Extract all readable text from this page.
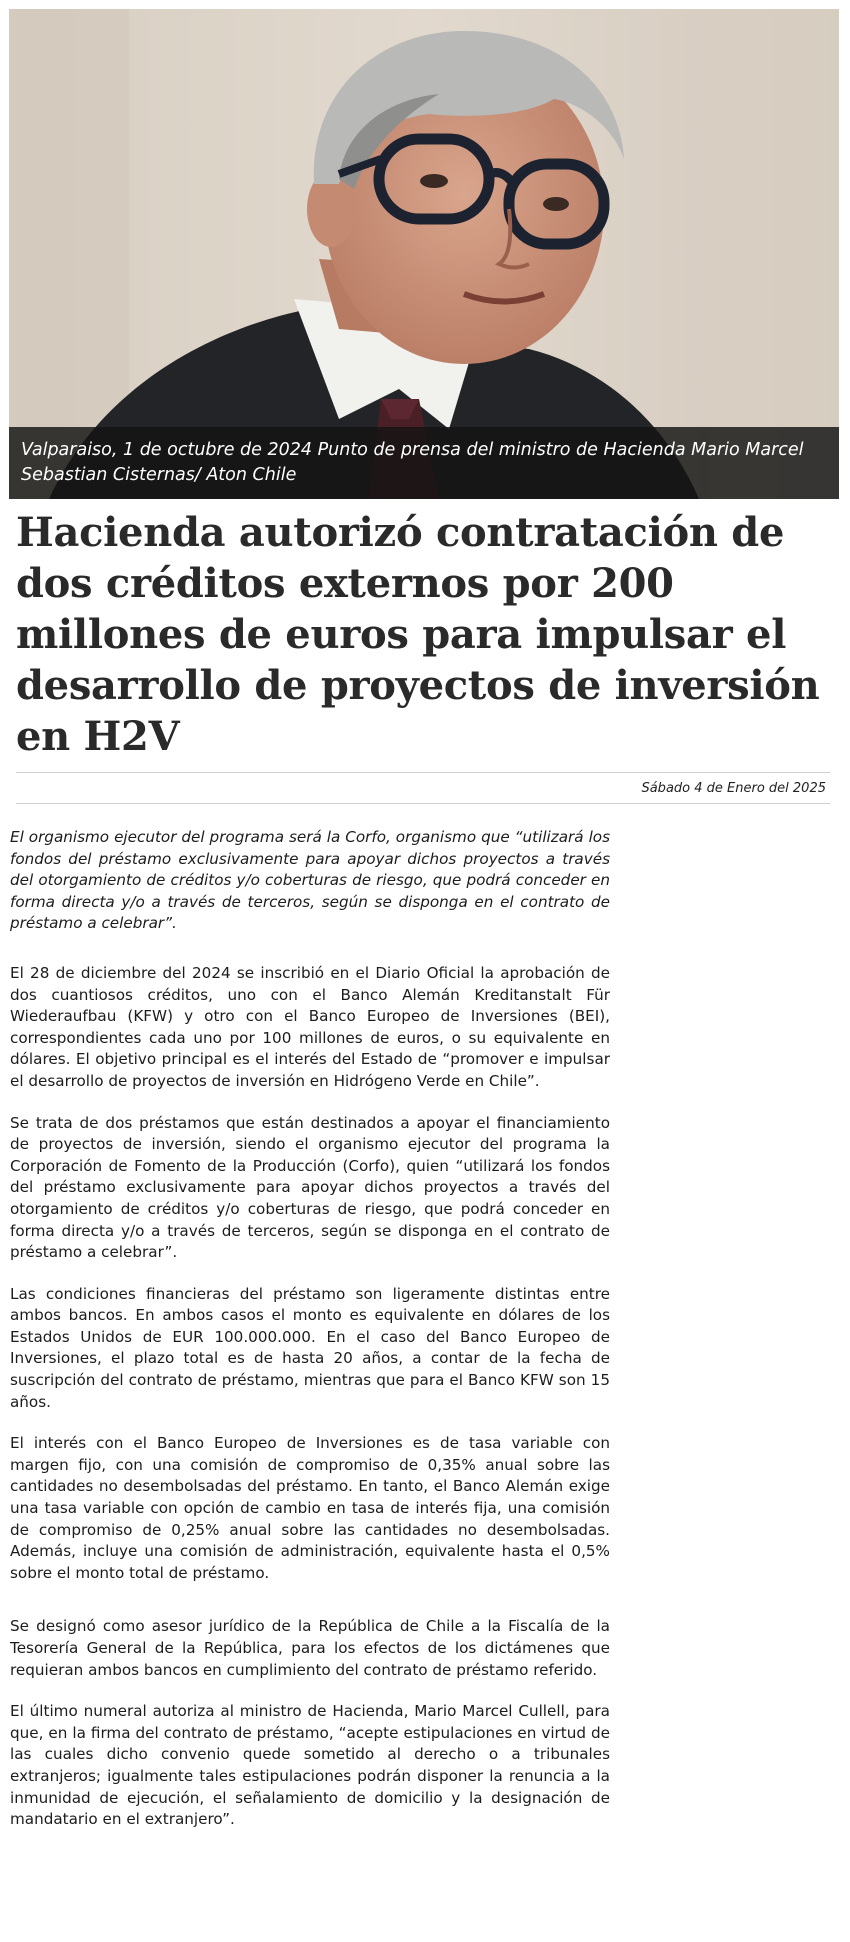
Valparaiso, 1 de octubre de 2024 Punto de prensa del ministro de Hacienda Mario Marcel Sebastian Cisternas/ Aton Chile
Hacienda autorizó contratación de dos créditos externos por 200 millones de euros para impulsar el desarrollo de proyectos de inversión en H2V
Sábado 4 de Enero del 2025

El organismo ejecutor del programa será la Corfo, organismo que “utilizará los fondos del préstamo exclusivamente para apoyar dichos proyectos a través del otorgamiento de créditos y/o coberturas de riesgo, que podrá conceder en forma directa y/o a través de terceros, según se disponga en el contrato de préstamo a celebrar”.

El 28 de diciembre del 2024 se inscribió en el Diario Oficial la aprobación de dos cuantiosos créditos, uno con el Banco Alemán Kreditanstalt Für Wiederaufbau (KFW) y otro con el Banco Europeo de Inversiones (BEI), correspondientes cada uno por 100 millones de euros, o su equivalente en dólares. El objetivo principal es el interés del Estado de “promover e impulsar el desarrollo de proyectos de inversión en Hidrógeno Verde en Chile”.

Se trata de dos préstamos que están destinados a apoyar el financiamiento de proyectos de inversión, siendo el organismo ejecutor del programa la Corporación de Fomento de la Producción (Corfo), quien “utilizará los fondos del préstamo exclusivamente para apoyar dichos proyectos a través del otorgamiento de créditos y/o coberturas de riesgo, que podrá conceder en forma directa y/o a través de terceros, según se disponga en el contrato de préstamo a celebrar”.

Las condiciones financieras del préstamo son ligeramente distintas entre ambos bancos. En ambos casos el monto es equivalente en dólares de los Estados Unidos de EUR 100.000.000. En el caso del Banco Europeo de Inversiones, el plazo total es de hasta 20 años, a contar de la fecha de suscripción del contrato de préstamo, mientras que para el Banco KFW son 15 años.

El interés con el Banco Europeo de Inversiones es de tasa variable con margen fijo, con una comisión de compromiso de 0,35% anual sobre las cantidades no desembolsadas del préstamo. En tanto, el Banco Alemán exige una tasa variable con opción de cambio en tasa de interés fija, una comisión de compromiso de 0,25% anual sobre las cantidades no desembolsadas. Además, incluye una comisión de administración, equivalente hasta el 0,5% sobre el monto total de préstamo.

Se designó como asesor jurídico de la República de Chile a la Fiscalía de la Tesorería General de la República, para los efectos de los dictámenes que requieran ambos bancos en cumplimiento del contrato de préstamo referido.

El último numeral autoriza al ministro de Hacienda, Mario Marcel Cullell, para que, en la firma del contrato de préstamo, “acepte estipulaciones en virtud de las cuales dicho convenio quede sometido al derecho o a tribunales extranjeros; igualmente tales estipulaciones podrán disponer la renuncia a la inmunidad de ejecución, el señalamiento de domicilio y la designación de mandatario en el extranjero”.
